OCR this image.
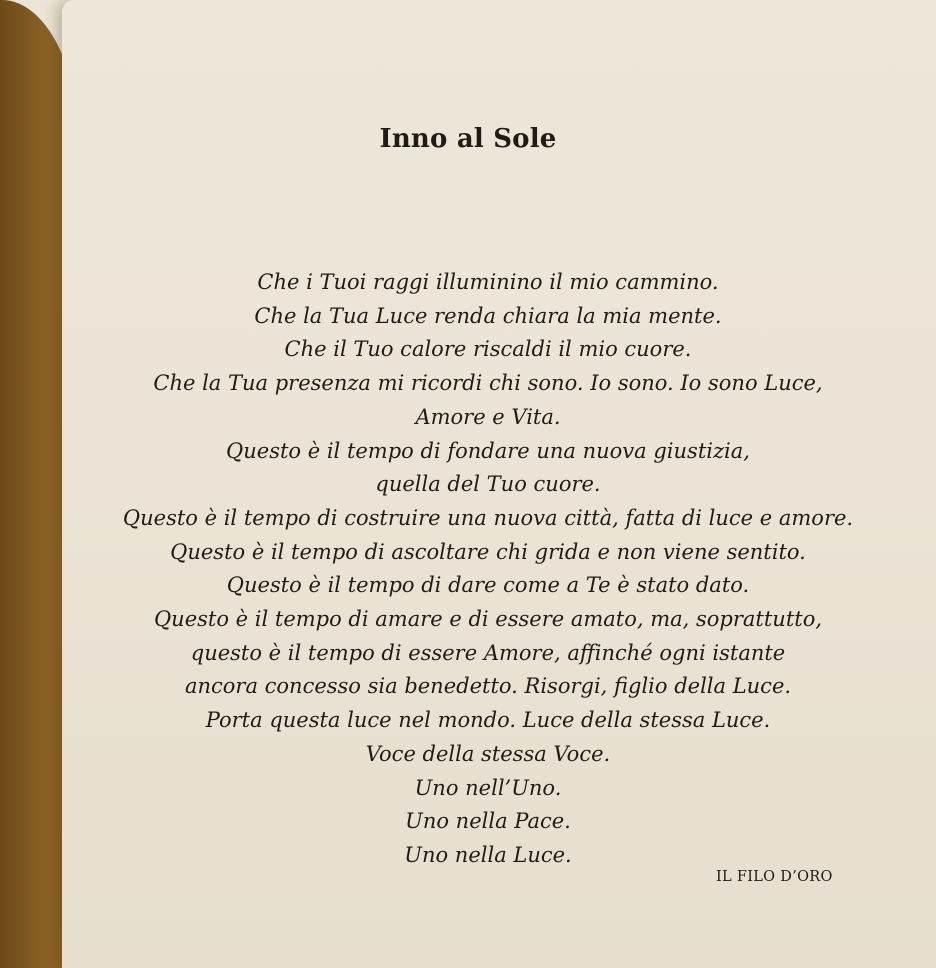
Inno al Sole
Che i Tuoi raggi illuminino il mio cammino.
Che la Tua Luce renda chiara la mia mente.
Che il Tuo calore riscaldi il mio cuore.
Che la Tua presenza mi ricordi chi sono. Io sono. Io sono Luce,
Amore e Vita.
Questo è il tempo di fondare una nuova giustizia,
quella del Tuo cuore.
Questo è il tempo di costruire una nuova città, fatta di luce e amore.
Questo è il tempo di ascoltare chi grida e non viene sentito.
Questo è il tempo di dare come a Te è stato dato.
Questo è il tempo di amare e di essere amato, ma, soprattutto,
questo è il tempo di essere Amore, affinché ogni istante
ancora concesso sia benedetto. Risorgi, figlio della Luce.
Porta questa luce nel mondo. Luce della stessa Luce.
Voce della stessa Voce.
Uno nell’Uno.
Uno nella Pace.
Uno nella Luce.
IL FILO D’ORO
